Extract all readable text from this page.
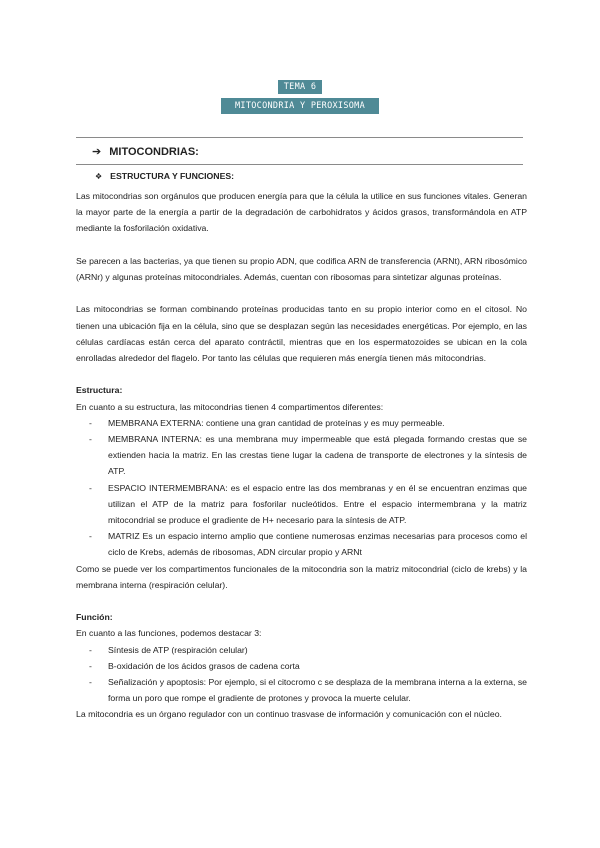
TEMA 6
MITOCONDRIA Y PEROXISOMA
➔ MITOCONDRIAS:
❖ ESTRUCTURA Y FUNCIONES:

Las mitocondrias son orgánulos que producen energía para que la célula la utilice en sus funciones vitales. Generan la mayor parte de la energía a partir de la degradación de carbohidratos y ácidos grasos, transformándola en ATP mediante la fosforilación oxidativa.

Se parecen a las bacterias, ya que tienen su propio ADN, que codifica ARN de transferencia (ARNt), ARN ribosómico (ARNr) y algunas proteínas mitocondriales. Además, cuentan con ribosomas para sintetizar algunas proteínas.

Las mitocondrias se forman combinando proteínas producidas tanto en su propio interior como en el citosol. No tienen una ubicación fija en la célula, sino que se desplazan según las necesidades energéticas. Por ejemplo, en las células cardíacas están cerca del aparato contráctil, mientras que en los espermatozoides se ubican en la cola enrolladas alrededor del flagelo. Por tanto las células que requieren más energía tienen más mitocondrias.

Estructura:

En cuanto a su estructura, las mitocondrias tienen 4 compartimentos diferentes:

- MEMBRANA EXTERNA: contiene una gran cantidad de proteínas y es muy permeable.
- MEMBRANA INTERNA: es una membrana muy impermeable que está plegada formando crestas que se extienden hacia la matriz. En las crestas tiene lugar la cadena de transporte de electrones y la síntesis de ATP.
- ESPACIO INTERMEMBRANA: es el espacio entre las dos membranas y en él se encuentran enzimas que utilizan el ATP de la matriz para fosforilar nucleótidos. Entre el espacio intermembrana y la matriz mitocondrial se produce el gradiente de H+ necesario para la síntesis de ATP.
- MATRIZ Es un espacio interno amplio que contiene numerosas enzimas necesarias para procesos como el ciclo de Krebs, además de ribosomas, ADN circular propio y ARNt

Como se puede ver los compartimentos funcionales de la mitocondria son la matriz mitocondrial (ciclo de krebs) y la membrana interna (respiración celular).

Función:

En cuanto a las funciones, podemos destacar 3:

- Síntesis de ATP (respiración celular)
- Β-oxidación de los ácidos grasos de cadena corta
- Señalización y apoptosis: Por ejemplo, si el citocromo c se desplaza de la membrana interna a la externa, se forma un poro que rompe el gradiente de protones y provoca la muerte celular.

La mitocondria es un órgano regulador con un continuo trasvase de información y comunicación con el núcleo.
